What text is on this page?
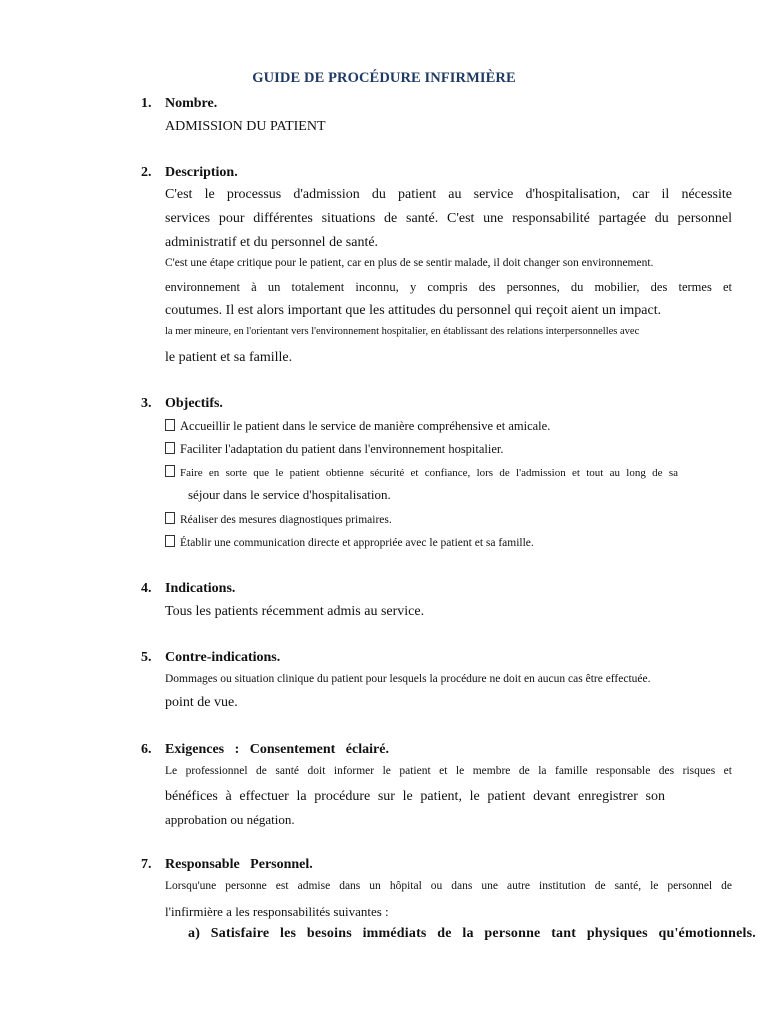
GUIDE DE PROCÉDURE INFIRMIÈRE
1. Nombre.
ADMISSION DU PATIENT
2. Description.
C'est le processus d'admission du patient au service d'hospitalisation, car il nécessite
services pour différentes situations de santé. C'est une responsabilité partagée du personnel
administratif et du personnel de santé.
C'est une étape critique pour le patient, car en plus de se sentir malade, il doit changer son environnement.
environnement à un totalement inconnu, y compris des personnes, du mobilier, des termes et
coutumes. Il est alors important que les attitudes du personnel qui reçoit aient un impact.
la mer mineure, en l'orientant vers l'environnement hospitalier, en établissant des relations interpersonnelles avec
le patient et sa famille.
3. Objectifs.
Accueillir le patient dans le service de manière compréhensive et amicale.
Faciliter l'adaptation du patient dans l'environnement hospitalier.
Faire en sorte que le patient obtienne sécurité et confiance, lors de l'admission et tout au long de sa
séjour dans le service d'hospitalisation.
Réaliser des mesures diagnostiques primaires.
Établir une communication directe et appropriée avec le patient et sa famille.
4. Indications.
Tous les patients récemment admis au service.
5. Contre-indications.
Dommages ou situation clinique du patient pour lesquels la procédure ne doit en aucun cas être effectuée.
point de vue.
6. Exigences   :   Consentement   éclairé.
Le professionnel de santé doit informer le patient et le membre de la famille responsable des risques et
bénéfices à effectuer la procédure sur le patient, le patient devant enregistrer son
approbation ou négation.
7. Responsable   Personnel.
Lorsqu'une personne est admise dans un hôpital ou dans une autre institution de santé, le personnel de
l'infirmière a les responsabilités suivantes :
a) Satisfaire les besoins immédiats de la personne tant physiques qu'émotionnels.
